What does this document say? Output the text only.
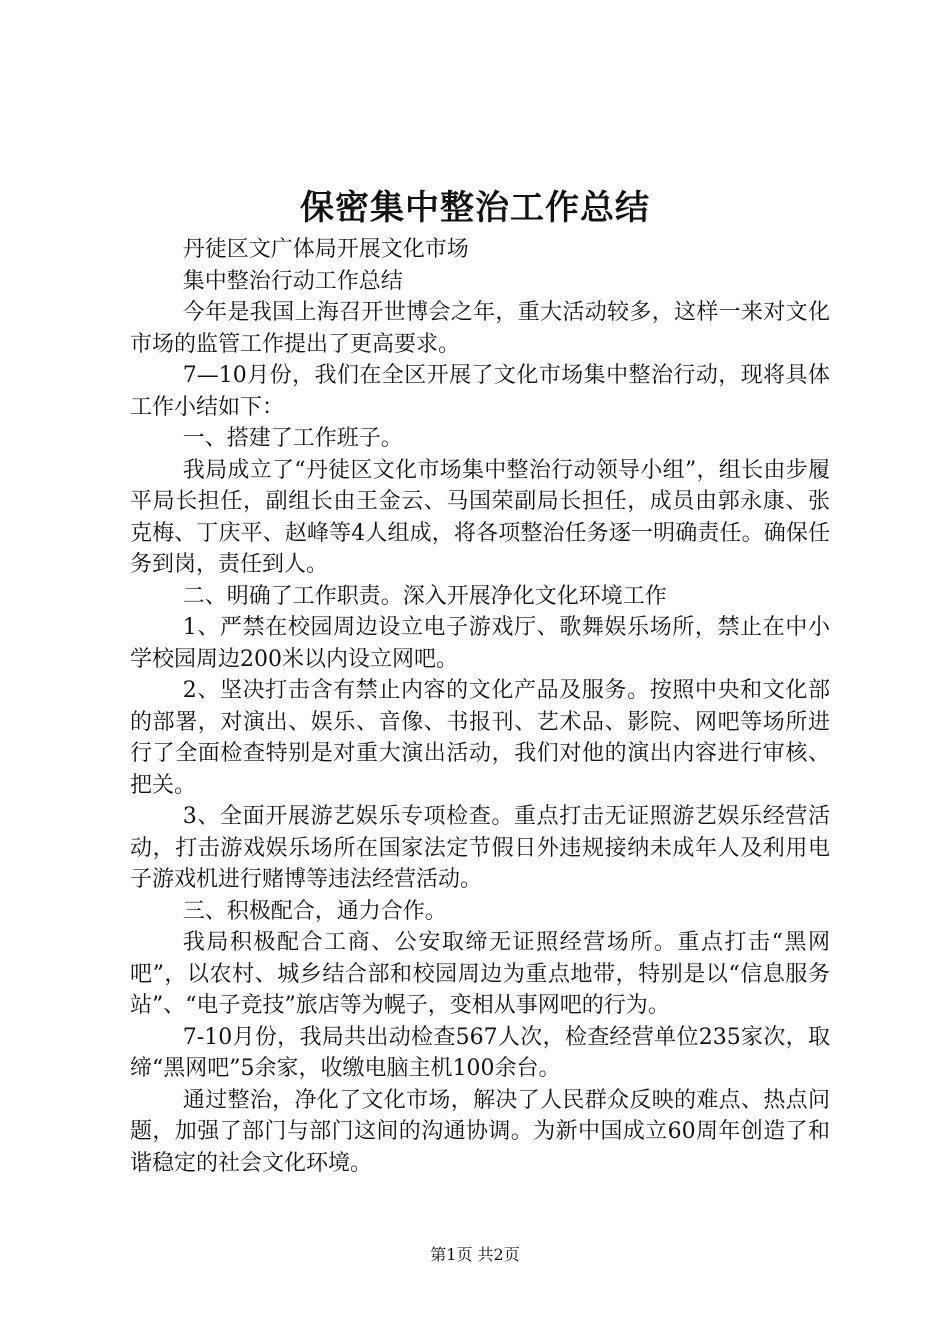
保密集中整治工作总结

丹徒区文广体局开展文化市场

集中整治行动工作总结

今年是我国上海召开世博会之年，重大活动较多，这样一来对文化市场的监管工作提出了更高要求。

7—10月份，我们在全区开展了文化市场集中整治行动，现将具体工作小结如下：

一、搭建了工作班子。

我局成立了“丹徒区文化市场集中整治行动领导小组”，组长由步履平局长担任，副组长由王金云、马国荣副局长担任，成员由郭永康、张克梅、丁庆平、赵峰等4人组成，将各项整治任务逐一明确责任。确保任务到岗，责任到人。

二、明确了工作职责。深入开展净化文化环境工作

1、严禁在校园周边设立电子游戏厅、歌舞娱乐场所，禁止在中小学校园周边200米以内设立网吧。

2、坚决打击含有禁止内容的文化产品及服务。按照中央和文化部的部署，对演出、娱乐、音像、书报刊、艺术品、影院、网吧等场所进行了全面检查特别是对重大演出活动，我们对他的演出内容进行审核、把关。

3、全面开展游艺娱乐专项检查。重点打击无证照游艺娱乐经营活动，打击游戏娱乐场所在国家法定节假日外违规接纳未成年人及利用电子游戏机进行赌博等违法经营活动。

三、积极配合，通力合作。

我局积极配合工商、公安取缔无证照经营场所。重点打击“黑网吧”，以农村、城乡结合部和校园周边为重点地带，特别是以“信息服务站”、“电子竞技”旅店等为幌子，变相从事网吧的行为。

7-10月份，我局共出动检查567人次，检查经营单位235家次，取缔“黑网吧”5余家，收缴电脑主机100余台。

通过整治，净化了文化市场，解决了人民群众反映的难点、热点问题，加强了部门与部门这间的沟通协调。为新中国成立60周年创造了和谐稳定的社会文化环境。

第1页 共2页
